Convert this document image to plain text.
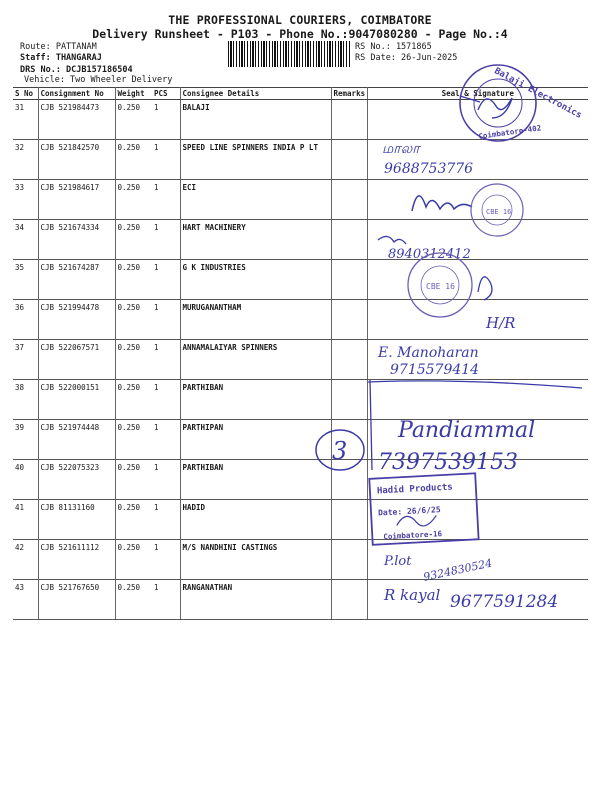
THE PROFESSIONAL COURIERS, COIMBATORE
Delivery Runsheet - P103 - Phone No.:9047080280 - Page No.:4
Route: PATTANAM
Staff: THANGARAJ
DRS No.: DCJB157186504
Vehicle: Two Wheeler Delivery
RS No.: 1571865
RS Date: 26-Jun-2025
S No	Consignment No	Weight	PCS	Consignee Details	Remarks	Seal & Signature
31	CJB 521984473	0.250	1	BALAJI		
32	CJB 521842570	0.250	1	SPEED LINE SPINNERS INDIA P LT		
33	CJB 521984617	0.250	1	ECI		
34	CJB 521674334	0.250	1	HART MACHINERY		
35	CJB 521674287	0.250	1	G K INDUSTRIES		
36	CJB 521994478	0.250	1	MURUGANANTHAM		
37	CJB 522067571	0.250	1	ANNAMALAIYAR SPINNERS		
38	CJB 522000151	0.250	1	PARTHIBAN		
39	CJB 521974448	0.250	1	PARTHIPAN		
40	CJB 522075323	0.250	1	PARTHIBAN		
41	CJB 81131160	0.250	1	HADID		
42	CJB 521611112	0.250	1	M/S NANDHINI CASTINGS		
43	CJB 521767650	0.250	1	RANGANATHAN		
Balaji Electronics
Coimbatore-402
மாலா
9688753776
CBE 16
8940312412
CBE 16
H/R
E. Manoharan
9715579414
Pandiammal
7397539153
3
Hadid Products
Date: 26/6/25
Coimbatore-16
P.lot 9324830524
R kayal 9677591284
